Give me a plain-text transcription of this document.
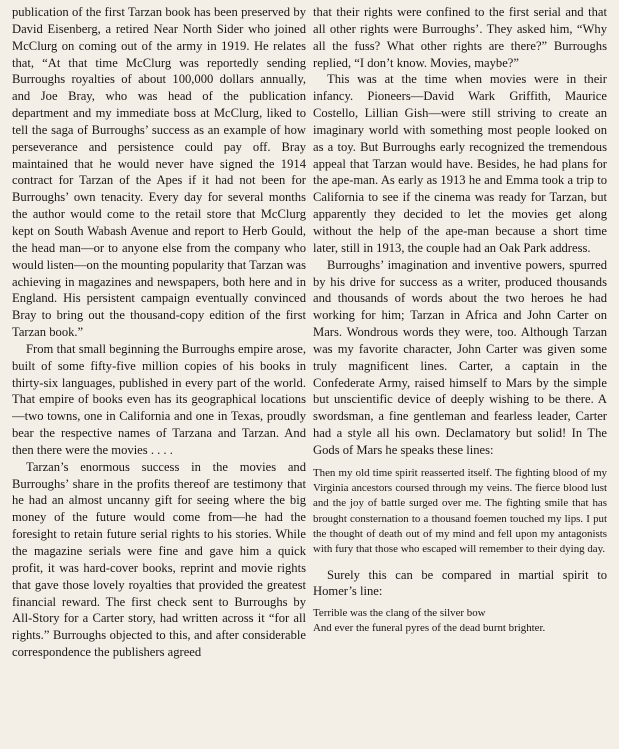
publication of the first Tarzan book has been preserved by David Eisenberg, a retired Near North Sider who joined McClurg on coming out of the army in 1919. He relates that, “At that time McClurg was reportedly sending Burroughs royalties of about 100,000 dollars annually, and Joe Bray, who was head of the publication department and my immediate boss at McClurg, liked to tell the saga of Burroughs’ success as an example of how perseverance and persistence could pay off. Bray maintained that he would never have signed the 1914 contract for Tarzan of the Apes if it had not been for Burroughs’ own tenacity. Every day for several months the author would come to the retail store that McClurg kept on South Wabash Avenue and report to Herb Gould, the head man—or to anyone else from the company who would listen—on the mounting popularity that Tarzan was achieving in magazines and newspapers, both here and in England. His persistent campaign eventually convinced Bray to bring out the thousand-copy edition of the first Tarzan book.”

From that small beginning the Burroughs empire arose, built of some fifty-five million copies of his books in thirty-six languages, published in every part of the world. That empire of books even has its geographical locations—two towns, one in California and one in Texas, proudly bear the respective names of Tarzana and Tarzan. And then there were the movies . . . .

Tarzan’s enormous success in the movies and Burroughs’ share in the profits thereof are testimony that he had an almost uncanny gift for seeing where the big money of the future would come from—he had the foresight to retain future serial rights to his stories. While the magazine serials were fine and gave him a quick profit, it was hard-cover books, reprint and movie rights that gave those lovely royalties that provided the greatest financial reward. The first check sent to Burroughs by All-Story for a Carter story, had written across it “for all rights.” Burroughs objected to this, and after considerable correspondence the publishers agreed

that their rights were confined to the first serial and that all other rights were Burroughs’. They asked him, “Why all the fuss? What other rights are there?” Burroughs replied, “I don’t know. Movies, maybe?”

This was at the time when movies were in their infancy. Pioneers—David Wark Griffith, Maurice Costello, Lillian Gish—were still striving to create an imaginary world with something most people looked on as a toy. But Burroughs early recognized the tremendous appeal that Tarzan would have. Besides, he had plans for the ape-man. As early as 1913 he and Emma took a trip to California to see if the cinema was ready for Tarzan, but apparently they decided to let the movies get along without the help of the ape-man because a short time later, still in 1913, the couple had an Oak Park address.

Burroughs’ imagination and inventive powers, spurred by his drive for success as a writer, produced thousands and thousands of words about the two heroes he had working for him; Tarzan in Africa and John Carter on Mars. Wondrous words they were, too. Although Tarzan was my favorite character, John Carter was given some truly magnificent lines. Carter, a captain in the Confederate Army, raised himself to Mars by the simple but unscientific device of deeply wishing to be there. A swordsman, a fine gentleman and fearless leader, Carter had a style all his own. Declamatory but solid! In The Gods of Mars he speaks these lines:

Then my old time spirit reasserted itself. The fighting blood of my Virginia ancestors coursed through my veins. The fierce blood lust and the joy of battle surged over me. The fighting smile that has brought consternation to a thousand foemen touched my lips. I put the thought of death out of my mind and fell upon my antagonists with fury that those who escaped will remember to their dying day.

Surely this can be compared in martial spirit to Homer’s line:

Terrible was the clang of the silver bow

And ever the funeral pyres of the dead burnt brighter.
